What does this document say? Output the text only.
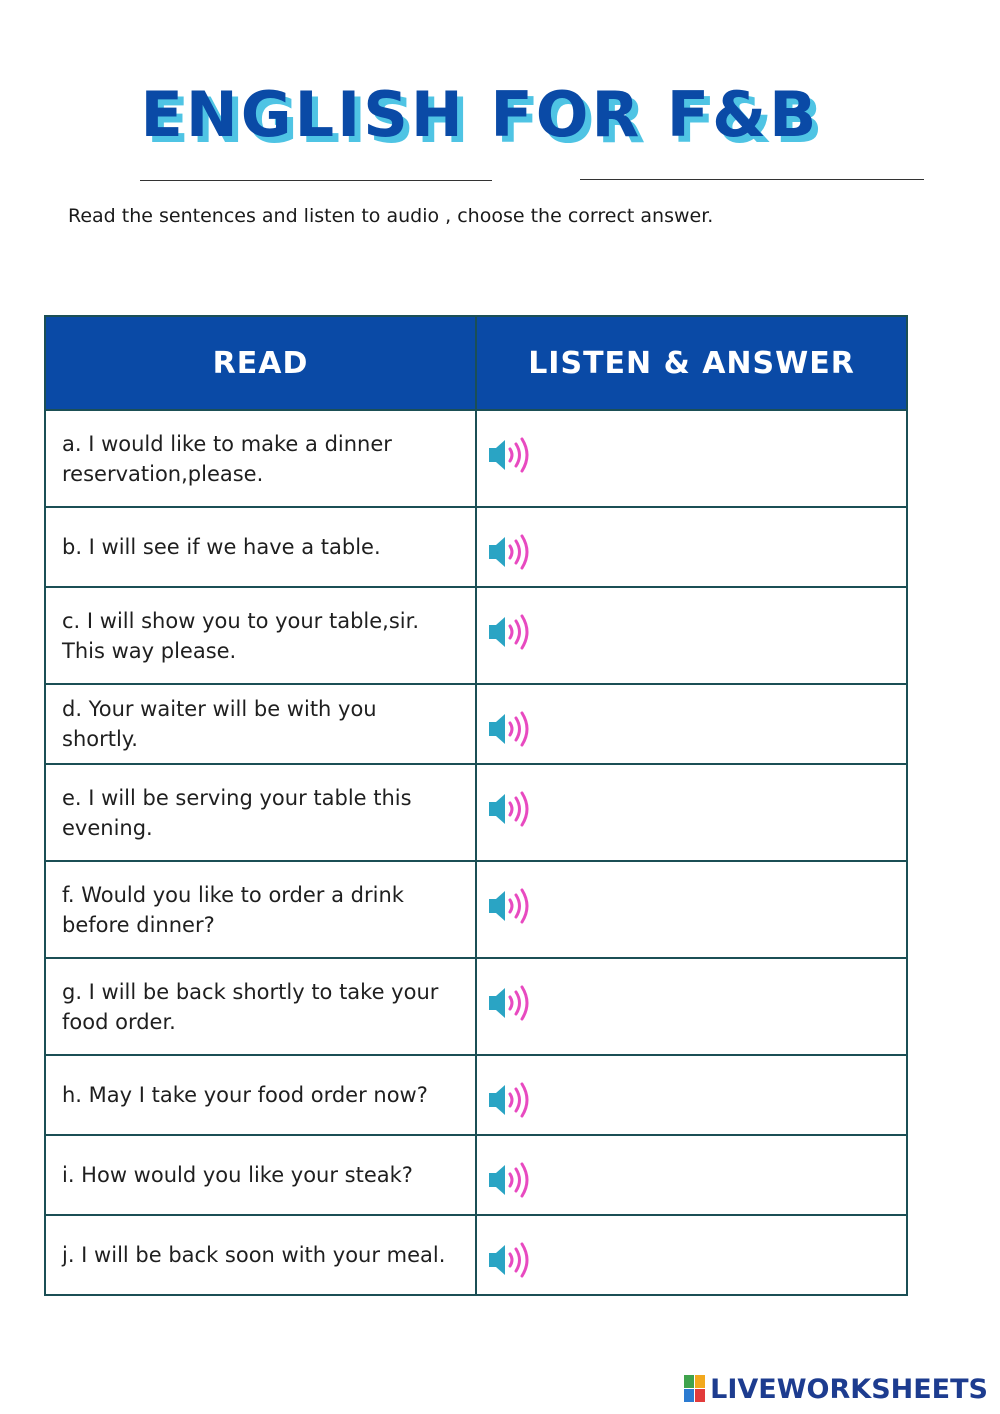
ENGLISH FOR F&B
Read the sentences and listen to audio , choose the correct answer.
READ	LISTEN & ANSWER
a. I would like to make a dinner reservation,please.	

b. I will see if we have a table.	

c. I will show you to your table,sir. This way please.	

d. Your waiter will be with you shortly.	

e. I will be serving your table this evening.	

f. Would you like to order a drink before dinner?	

g. I will be back shortly to take your food order.	

h. May I take your food order now?	

i. How would you like your steak?	

j. I will be back soon with your meal.	
LIVEWORKSHEETS
